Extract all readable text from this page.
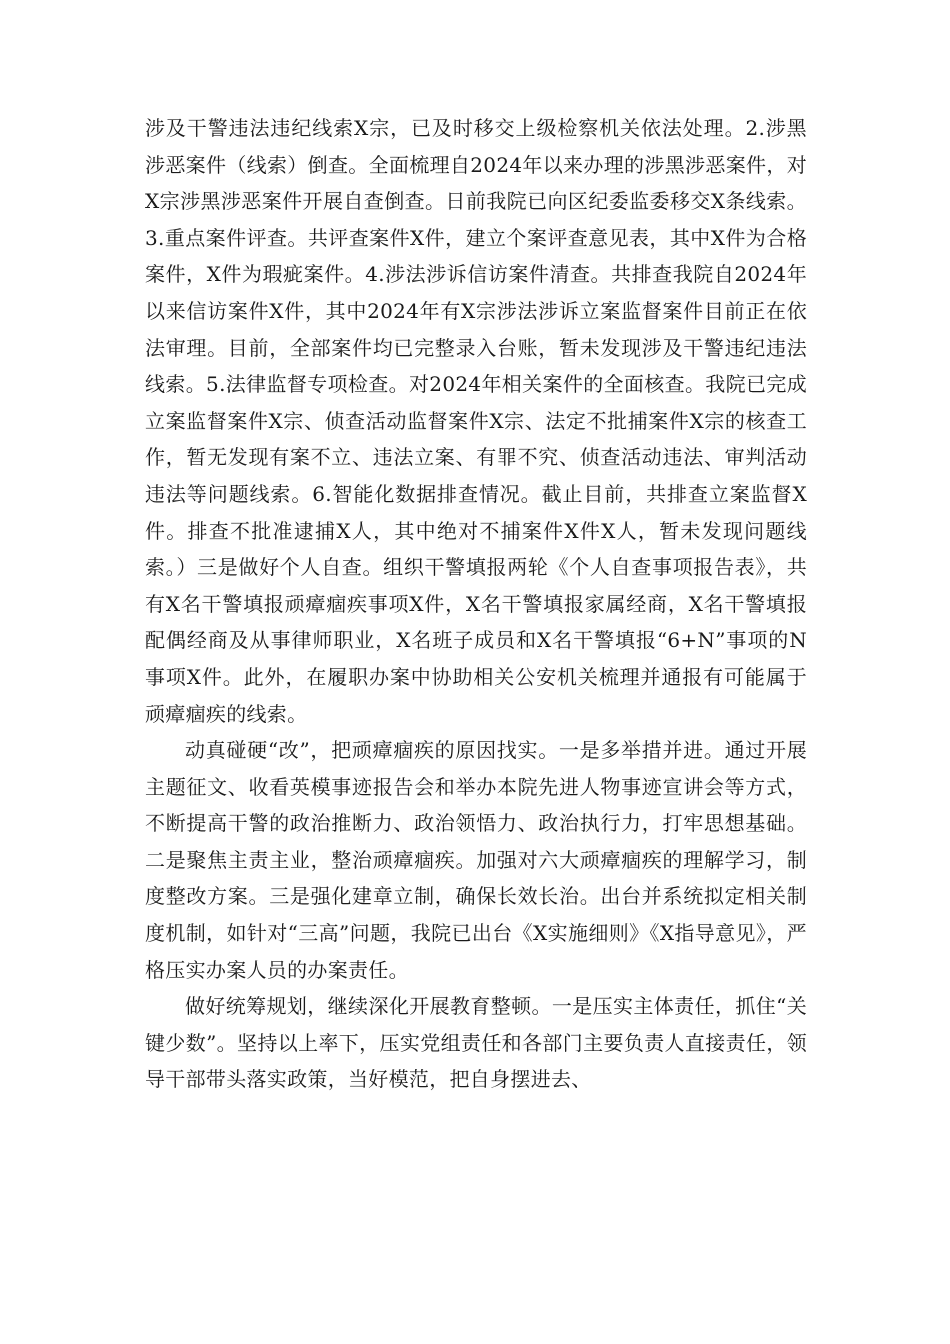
涉及干警违法违纪线索X宗，已及时移交上级检察机关依法处理。2.涉黑涉恶案件（线索）倒查。全面梳理自2024年以来办理的涉黑涉恶案件，对X宗涉黑涉恶案件开展自查倒查。日前我院已向区纪委监委移交X条线索。3.重点案件评查。共评查案件X件，建立个案评查意见表，其中X件为合格案件，X件为瑕疵案件。4.涉法涉诉信访案件清查。共排查我院自2024年以来信访案件X件，其中2024年有X宗涉法涉诉立案监督案件目前正在依法审理。目前，全部案件均已完整录入台账，暂未发现涉及干警违纪违法线索。5.法律监督专项检查。对2024年相关案件的全面核查。我院已完成立案监督案件X宗、侦查活动监督案件X宗、法定不批捕案件X宗的核查工作，暂无发现有案不立、违法立案、有罪不究、侦查活动违法、审判活动违法等问题线索。6.智能化数据排查情况。截止目前，共排查立案监督X件。排查不批准逮捕X人，其中绝对不捕案件X件X人，暂未发现问题线索。）三是做好个人自查。组织干警填报两轮《个人自查事项报告表》，共有X名干警填报顽瘴痼疾事项X件，X名干警填报家属经商，X名干警填报配偶经商及从事律师职业，X名班子成员和X名干警填报“6+N”事项的N事项X件。此外，在履职办案中协助相关公安机关梳理并通报有可能属于顽瘴痼疾的线索。

动真碰硬“改”，把顽瘴痼疾的原因找实。一是多举措并进。通过开展主题征文、收看英模事迹报告会和举办本院先进人物事迹宣讲会等方式，不断提高干警的政治推断力、政治领悟力、政治执行力，打牢思想基础。二是聚焦主责主业，整治顽瘴痼疾。加强对六大顽瘴痼疾的理解学习，制度整改方案。三是强化建章立制，确保长效长治。出台并系统拟定相关制度机制，如针对“三高”问题，我院已出台《X实施细则》《X指导意见》，严格压实办案人员的办案责任。

做好统筹规划，继续深化开展教育整顿。一是压实主体责任，抓住“关键少数”。坚持以上率下，压实党组责任和各部门主要负责人直接责任，领导干部带头落实政策，当好模范，把自身摆进去、
